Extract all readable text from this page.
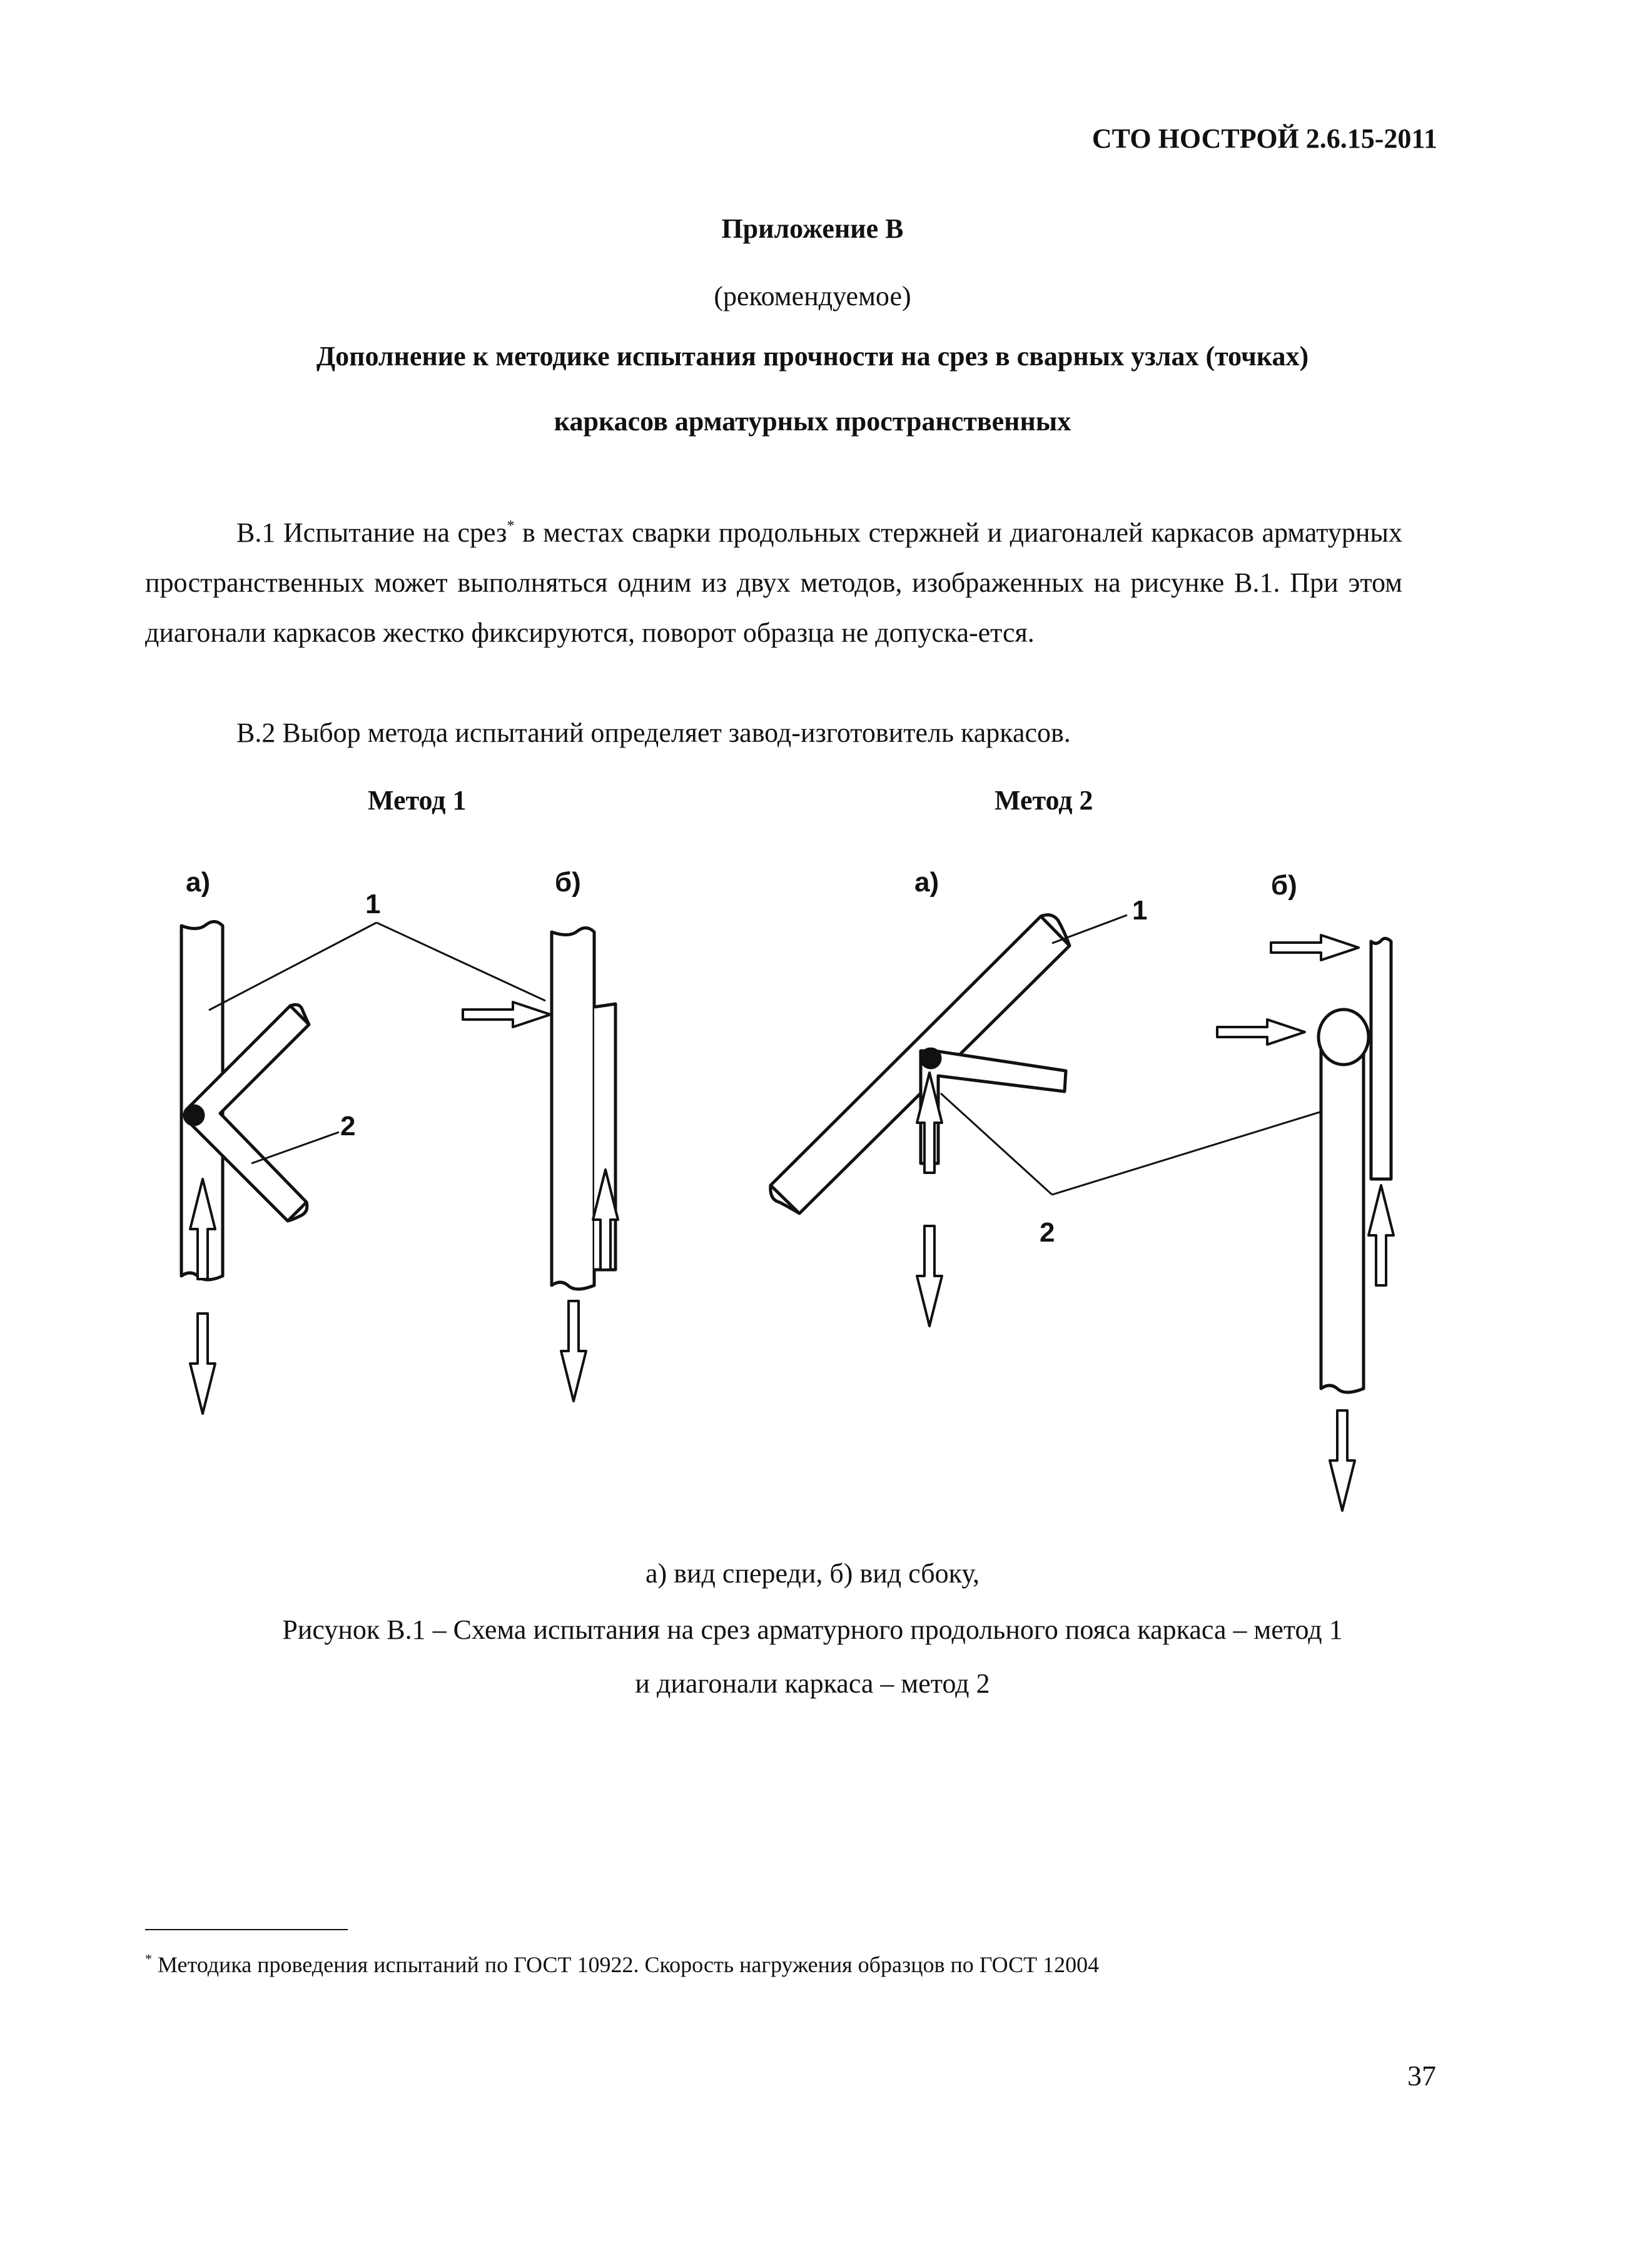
СТО НОСТРОЙ 2.6.15-2011
Приложение В
(рекомендуемое)
Дополнение к методике испытания прочности на срез в сварных узлах (точках)
каркасов арматурных пространственных
В.1 Испытание на срез* в местах сварки продольных стержней и диагоналей каркасов арматурных пространственных может выполняться одним из двух методов, изображенных на рисунке В.1. При этом диагонали каркасов жестко фиксируются, поворот образца не допуска-ется.
В.2 Выбор метода испытаний определяет завод-изготовитель каркасов.
Метод 1	Метод 2
а)
1
2
б)	а)
1
2
б)
а) вид спереди, б) вид сбоку,
Рисунок В.1 – Схема испытания на срез арматурного продольного пояса каркаса – метод 1
и диагонали каркаса – метод 2
* Методика проведения испытаний по ГОСТ 10922. Скорость нагружения образцов по ГОСТ 12004
37
